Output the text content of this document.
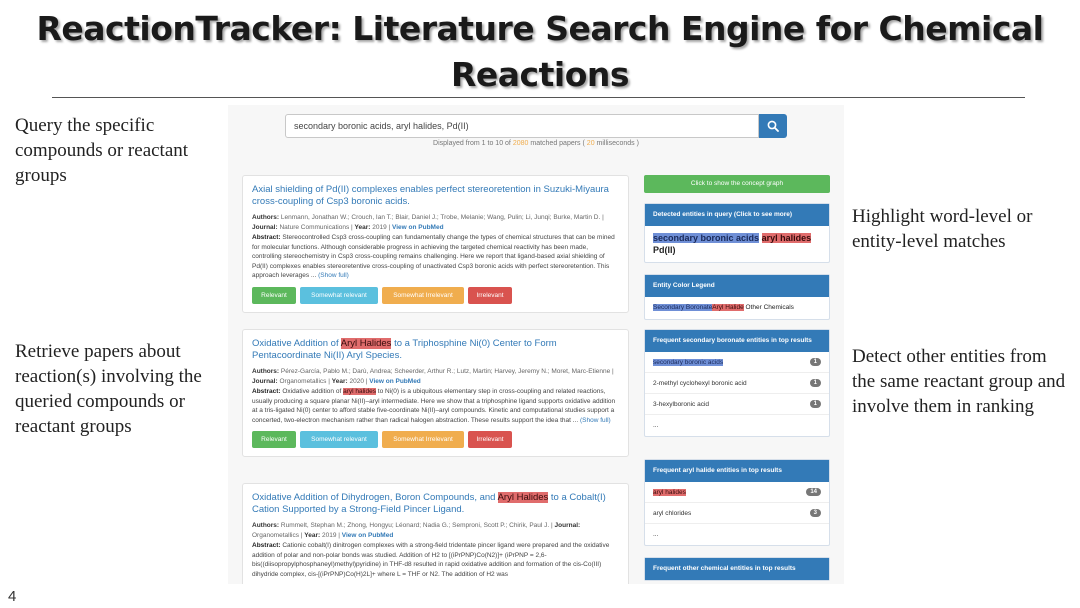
ReactionTracker: Literature Search Engine for Chemical Reactions
Query the specific compounds or reactant groups
Retrieve papers about reaction(s) involving the queried compounds or reactant groups
Highlight word-level or entity-level matches
Detect other entities from the same reactant group and involve them in ranking
4
secondary boronic acids, aryl halides, Pd(II)
Displayed from 1 to 10 of 2080 matched papers ( 20 milliseconds )
Axial shielding of Pd(II) complexes enables perfect stereoretention in Suzuki-Miyaura cross-coupling of Csp3 boronic acids.
Authors: Lenmann, Jonathan W.; Crouch, Ian T.; Blair, Daniel J.; Trobe, Melanie; Wang, Pulin; Li, Junqi; Burke, Martin D. | Journal: Nature Communications | Year: 2019 | View on PubMed
Abstract: Stereocontrolled Csp3 cross-coupling can fundamentally change the types of chemical structures that can be mined for molecular functions. Although considerable progress in achieving the targeted chemical reactivity has been made, controlling stereochemistry in Csp3 cross-coupling remains challenging. Here we report that ligand-based axial shielding of Pd(II) complexes enables stereoretentive cross-coupling of unactivated Csp3 boronic acids with perfect stereoretention. This approach leverages ... (Show full)
Relevant	Somewhat relevant	Somewhat Irrelevant	Irrelevant
Oxidative Addition of Aryl Halides to a Triphosphine Ni(0) Center to Form Pentacoordinate Ni(II) Aryl Species.
Authors: Pérez-García, Pablo M.; Darù, Andrea; Scheerder, Arthur R.; Lutz, Martin; Harvey, Jeremy N.; Moret, Marc-Etienne | Journal: Organometallics | Year: 2020 | View on PubMed
Abstract: Oxidative addition of aryl halides to Ni(0) is a ubiquitous elementary step in cross-coupling and related reactions, usually producing a square planar Ni(II)–aryl intermediate. Here we show that a triphosphine ligand supports oxidative addition at a tris-ligated Ni(0) center to afford stable five-coordinate Ni(II)–aryl compounds. Kinetic and computational studies support a concerted, two-electron mechanism rather than radical halogen abstraction. These results support the idea that ... (Show full)
Relevant	Somewhat relevant	Somewhat Irrelevant	Irrelevant
Oxidative Addition of Dihydrogen, Boron Compounds, and Aryl Halides to a Cobalt(I) Cation Supported by a Strong-Field Pincer Ligand.
Authors: Rummelt, Stephan M.; Zhong, Hongyu; Léonard; Nadia G.; Semproni, Scott P.; Chirik, Paul J. | Journal: Organometallics | Year: 2019 | View on PubMed
Abstract: Cationic cobalt(I) dinitrogen complexes with a strong-field tridentate pincer ligand were prepared and the oxidative addition of polar and non-polar bonds was studied. Addition of H2 to [(iPrPNP)Co(N2)]+ (iPrPNP = 2,6-bis((diisopropylphosphaneyl)methyl)pyridine) in THF-d8 resulted in rapid oxidative addition and formation of the cis-Co(III) dihydride complex, cis-[(iPrPNP)Co(H)2L]+ where L = THF or N2. The addition of H2 was
Click to show the concept graph
Detected entities in query (Click to see more)
secondary boronic acids aryl halides
Pd(II)
Entity Color Legend
Secondary BoronateAryl Halide Other Chemicals
Frequent secondary boronate entities in top results
secondary boronic acids	1
2-methyl cyclohexyl boronic acid	1
3-hexylboronic acid	1
...
Frequent aryl halide entities in top results
aryl halides	14
aryl chlorides	3
...
Frequent other chemical entities in top results
